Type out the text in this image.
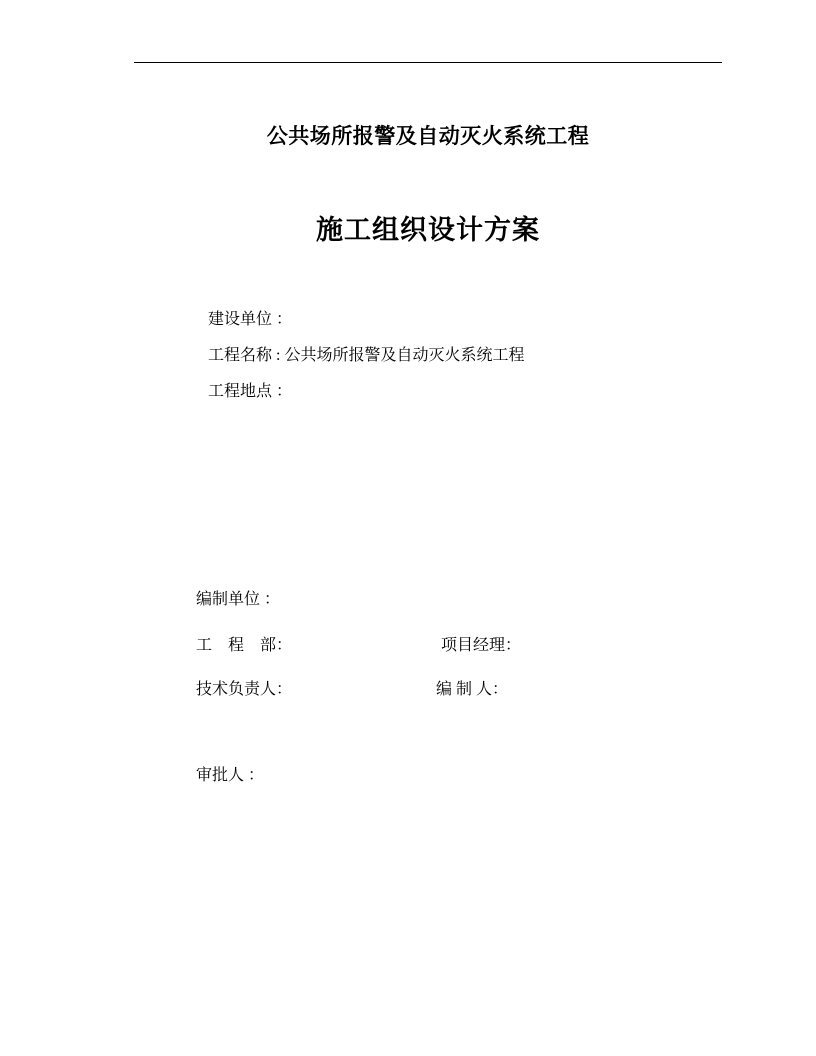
公共场所报警及自动灭火系统工程
施工组织设计方案
建设单位 ：
工程名称 : 公共场所报警及自动灭火系统工程
工程地点 ：
编制单位 ：
工　程　部：	项目经理：
技术负责人：	编 制 人：
审批人 ：
